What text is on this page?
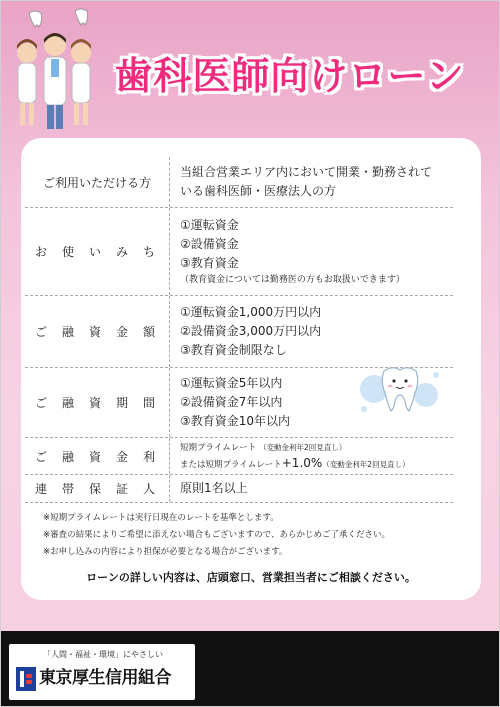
歯科医師向けローン
ご利用いただける方
当組合営業エリア内において開業・勤務されて
いる歯科医師・医療法人の方
お 使 い み ち
①運転資金
②設備資金
③教育資金
（教育資金については勤務医の方もお取扱いできます）
ご 融 資 金 額
①運転資金1,000万円以内
②設備資金3,000万円以内
③教育資金制限なし
ご 融 資 期 間
①運転資金5年以内
②設備資金7年以内
③教育資金10年以内
ご 融 資 金 利
短期プライムレート （変動金利年2回見直し）
または短期プライムレート+1.0%（変動金利年2回見直し）
連 帯 保 証 人 原則1名以上
※短期プライムレートは実行日現在のレートを基準とします。
※審査の結果によりご希望に添えない場合もございますので、あらかじめご了承ください。
※お申し込みの内容により担保が必要となる場合がございます。
ローンの詳しい内容は、店頭窓口、営業担当者にご相談ください。
「人間・福祉・環境」にやさしい
東京厚生信用組合
